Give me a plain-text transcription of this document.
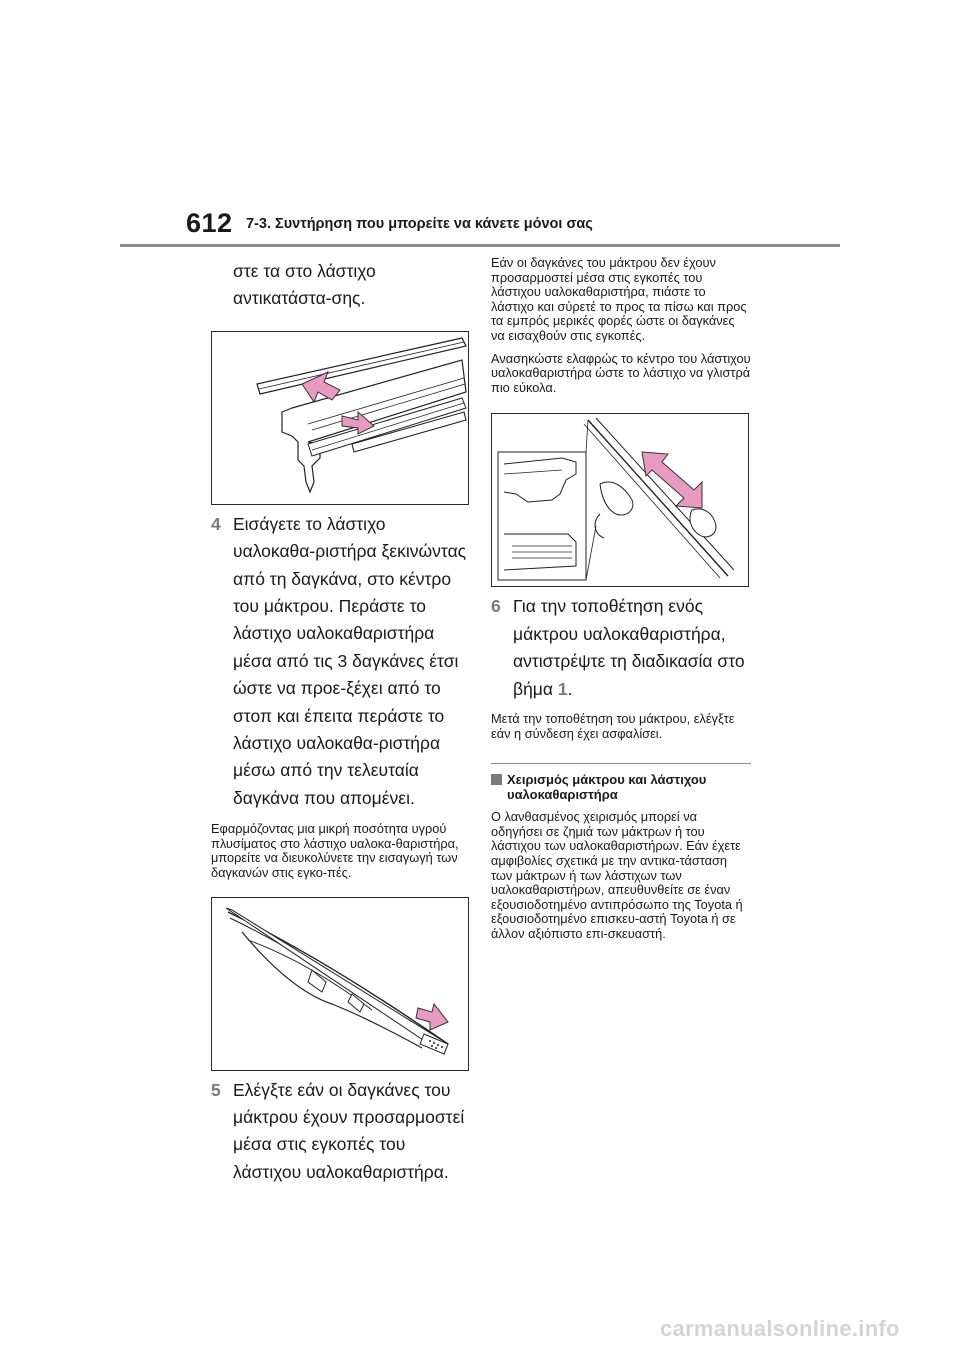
612 7-3. Συντήρηση που μπορείτε να κάνετε μόνοι σας

στε τα στο λάστιχο αντικατάστα-σης.

4 Εισάγετε το λάστιχο υαλοκαθα-ριστήρα ξεκινώντας από τη δαγκάνα, στο κέντρο του μάκτρου. Περάστε το λάστιχο υαλοκαθαριστήρα μέσα από τις 3 δαγκάνες έτσι ώστε να προε-ξέχει από το στοπ και έπειτα περάστε το λάστιχο υαλοκαθα-ριστήρα μέσω από την τελευταία δαγκάνα που απομένει.

Εφαρμόζοντας μια μικρή ποσότητα υγρού πλυσίματος στο λάστιχο υαλοκα-θαριστήρα, μπορείτε να διευκολύνετε την εισαγωγή των δαγκανών στις εγκο-πές.

5 Ελέγξτε εάν οι δαγκάνες του μάκτρου έχουν προσαρμοστεί μέσα στις εγκοπές του λάστιχου υαλοκαθαριστήρα.

Εάν οι δαγκάνες του μάκτρου δεν έχουν προσαρμοστεί μέσα στις εγκοπές του λάστιχου υαλοκαθαριστήρα, πιάστε το λάστιχο και σύρετέ το προς τα πίσω και προς τα εμπρός μερικές φορές ώστε οι δαγκάνες να εισαχθούν στις εγκοπές.

Ανασηκώστε ελαφρώς το κέντρο του λάστιχου υαλοκαθαριστήρα ώστε το λάστιχο να γλιστρά πιο εύκολα.

6 Για την τοποθέτηση ενός μάκτρου υαλοκαθαριστήρα, αντιστρέψτε τη διαδικασία στο βήμα 1.

Μετά την τοποθέτηση του μάκτρου, ελέγξτε εάν η σύνδεση έχει ασφαλίσει.

Χειρισμός μάκτρου και λάστιχου υαλοκαθαριστήρα

Ο λανθασμένος χειρισμός μπορεί να οδηγήσει σε ζημιά των μάκτρων ή του λάστιχου των υαλοκαθαριστήρων. Εάν έχετε αμφιβολίες σχετικά με την αντικα-τάσταση των μάκτρων ή των λάστιχων των υαλοκαθαριστήρων, απευθυνθείτε σε έναν εξουσιοδοτημένο αντιπρόσωπο της Toyota ή εξουσιοδοτημένο επισκευ-αστή Toyota ή σε άλλον αξιόπιστο επι-σκευαστή.

carmanualsonline.info
